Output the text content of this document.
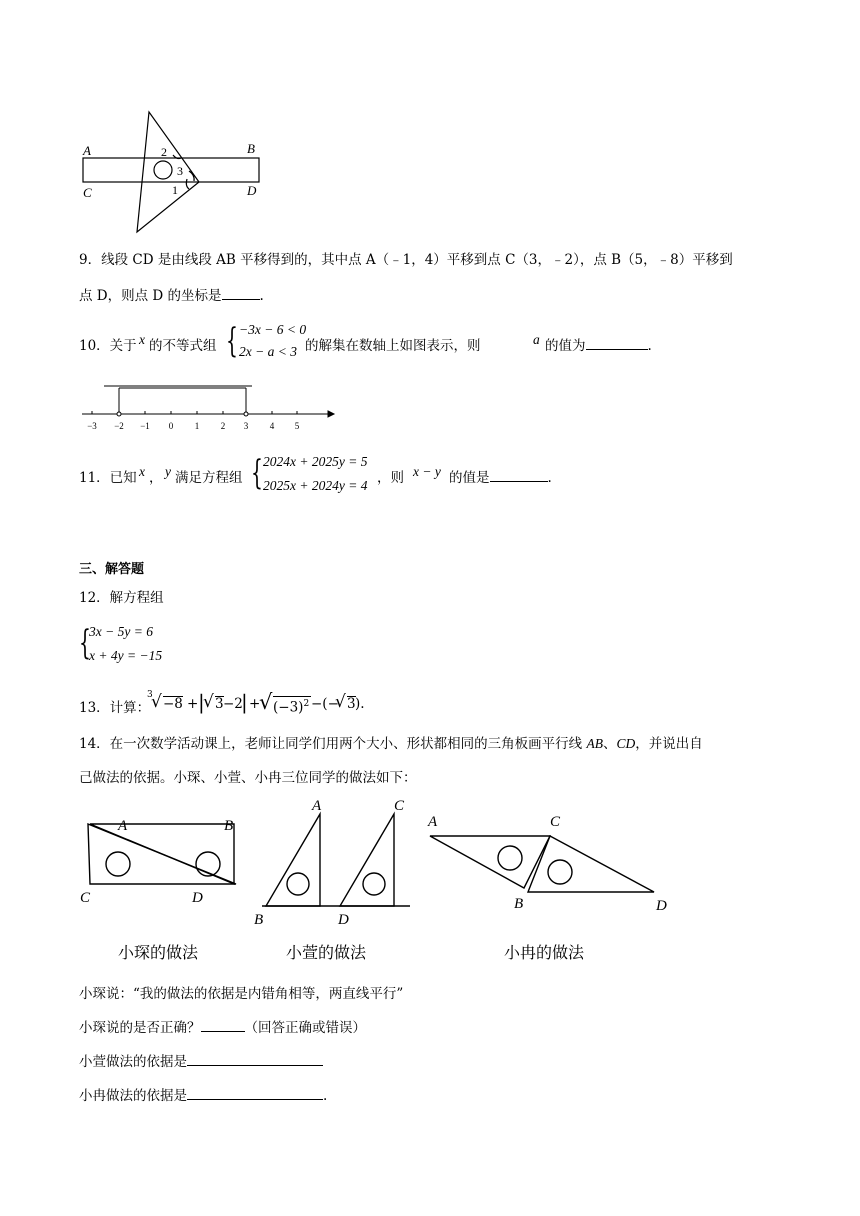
A	B
C	D
2
3
1
9．线段 CD 是由线段 AB 平移得到的，其中点 A（﹣1，4）平移到点 C（3，﹣2），点 B（5，﹣8）平移到
点 D，则点 D 的坐标是	.
10．关于 x 的不等式组 { −3x − 6 < 0
2x − a < 3 的解集在数轴上如图表示，则	a 的值为	.
−3 −2 −1 0 1 2 3 4 5
11．已知 x ， y 满足方程组 { 2024x + 2025y = 5
2025x + 2024y = 4 ，则 x − y 的值是	.
三、解答题
12．解方程组
{
3x − 5y = 6
x + 4y = −15
13．计算：
3
√ −8 + |
√ 3 −2
| +
√ $(-3)^2$ −(−
√ 3 ).
14．在一次数学活动课上，老师让同学们用两个大小、形状都相同的三角板画平行线 AB、CD，并说出自
己做法的依据。小琛、小萱、小冉三位同学的做法如下：
A	B
C	D
A	C
B	D
A	C
B	D
小琛的做法	小萱的做法	小冉的做法
小琛说：“我的做法的依据是内错角相等，两直线平行”
小琛说的是否正确？	（回答正确或错误）
小萱做法的依据是
小冉做法的依据是	.
